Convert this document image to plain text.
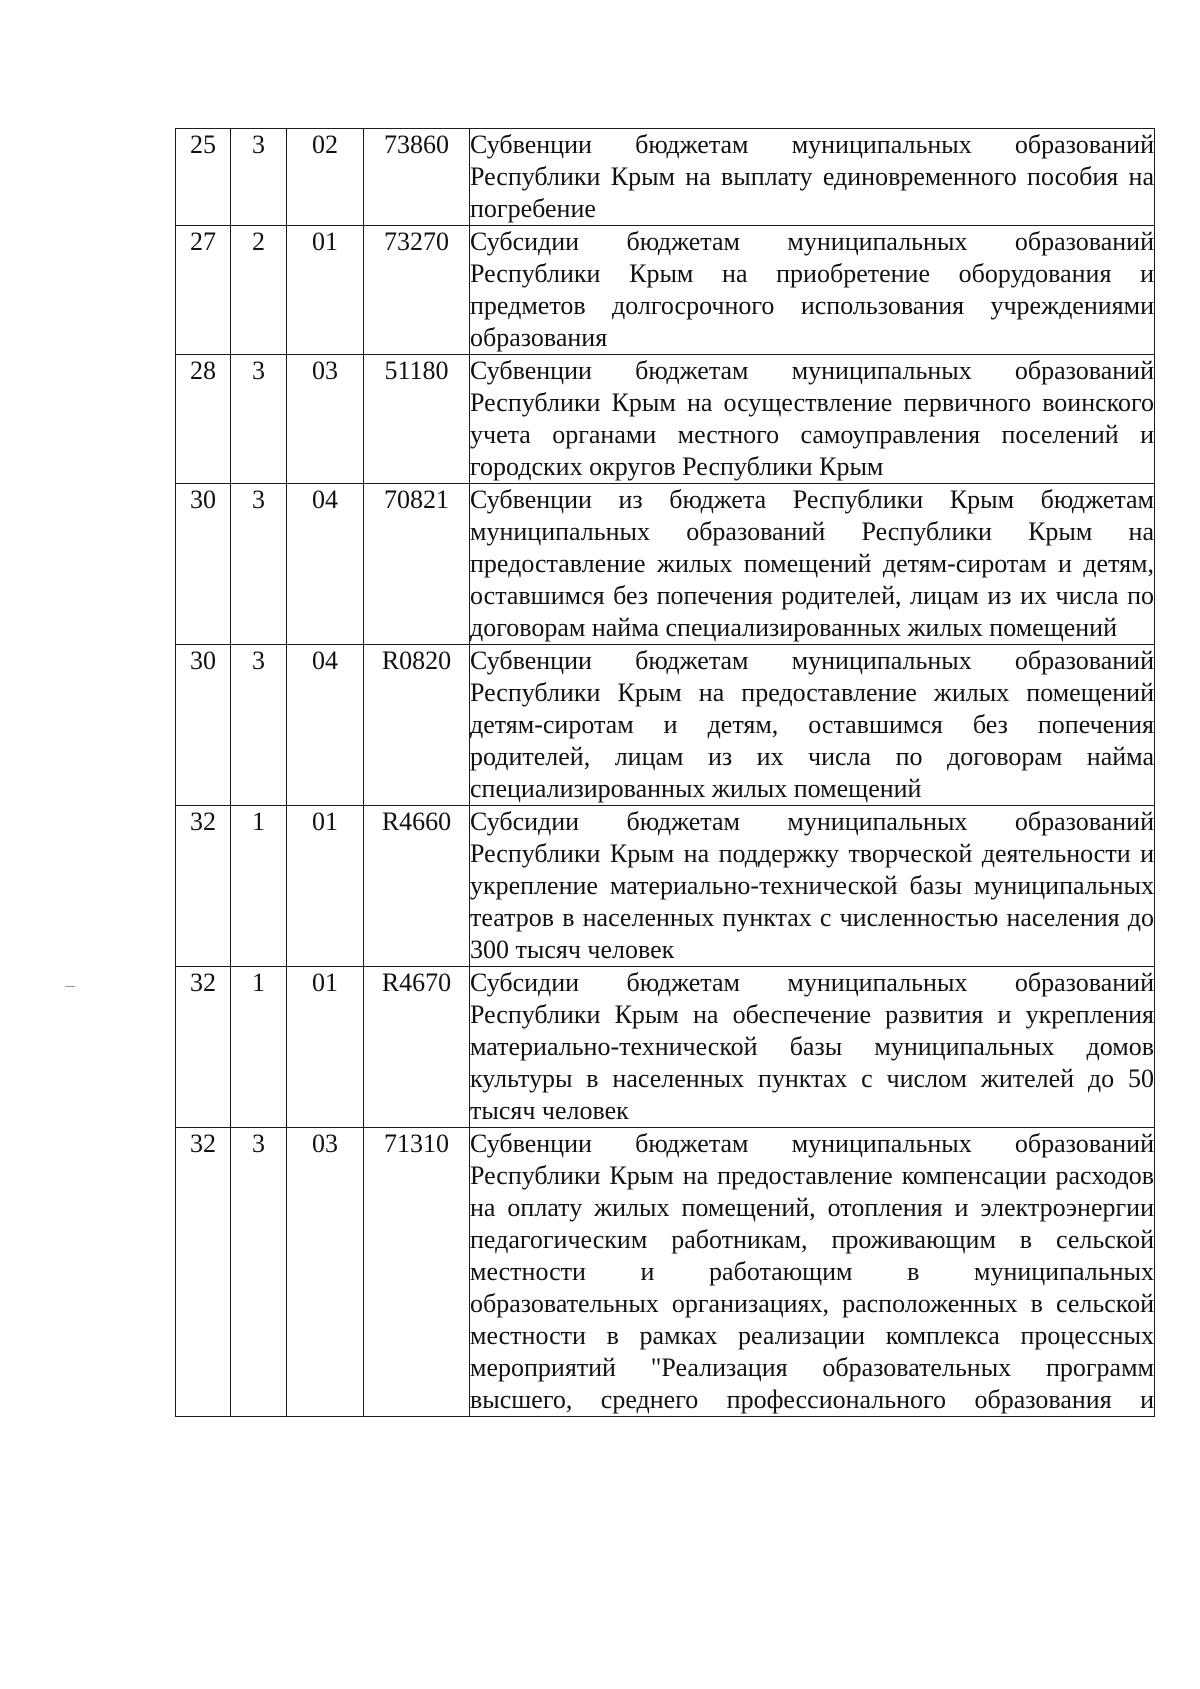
25	3	02	73860	Субвенции бюджетам муниципальных образований Республики Крым на выплату единовременного пособия на погребение

27	2	01	73270	Субсидии бюджетам муниципальных образований Республики Крым на приобретение оборудования и предметов долгосрочного использования учреждениями образования

28	3	03	51180	Субвенции бюджетам муниципальных образований Республики Крым на осуществление первичного воинского учета органами местного самоуправления поселений и городских округов Республики Крым

30	3	04	70821	Субвенции из бюджета Республики Крым бюджетам муниципальных образований Республики Крым на предоставление жилых помещений детям-сиротам и детям, оставшимся без попечения родителей, лицам из их числа по договорам найма специализированных жилых помещений

30	3	04	R0820	Субвенции бюджетам муниципальных образований Республики Крым на предоставление жилых помещений детям-сиротам и детям, оставшимся без попечения родителей, лицам из их числа по договорам найма специализированных жилых помещений

32	1	01	R4660	Субсидии бюджетам муниципальных образований Республики Крым на поддержку творческой деятельности и укрепление материально-технической базы муниципальных театров в населенных пунктах с численностью населения до 300 тысяч человек

32	1	01	R4670	Субсидии бюджетам муниципальных образований Республики Крым на обеспечение развития и укрепления материально-технической базы муниципальных домов культуры в населенных пунктах с числом жителей до 50 тысяч человек

32	3	03	71310	Субвенции бюджетам муниципальных образований Республики Крым на предоставление компенсации расходов на оплату жилых помещений, отопления и электроэнергии педагогическим работникам, проживающим в сельской местности и работающим в муниципальных образовательных организациях, расположенных в сельской местности в рамках реализации комплекса процессных мероприятий "Реализация образовательных программ высшего, среднего профессионального образования и
